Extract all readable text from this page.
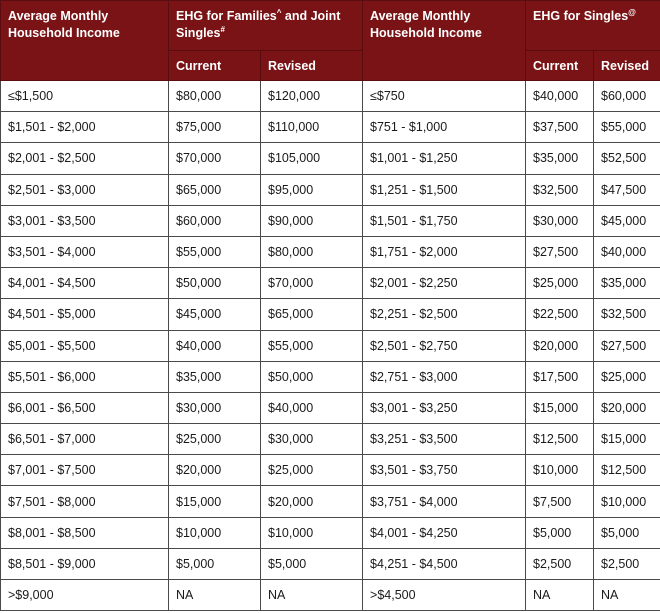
Average Monthly Household Income	EHG for Families^ and Joint Singles#		Average Monthly Household Income	EHG for Singles@
	Current	Revised		Current	Revised
≤$1,500	$80,000	$120,000	≤$750	$40,000	$60,000
$1,501 - $2,000	$75,000	$110,000	$751 - $1,000	$37,500	$55,000
$2,001 - $2,500	$70,000	$105,000	$1,001 - $1,250	$35,000	$52,500
$2,501 - $3,000	$65,000	$95,000	$1,251 - $1,500	$32,500	$47,500
$3,001 - $3,500	$60,000	$90,000	$1,501 - $1,750	$30,000	$45,000
$3,501 - $4,000	$55,000	$80,000	$1,751 - $2,000	$27,500	$40,000
$4,001 - $4,500	$50,000	$70,000	$2,001 - $2,250	$25,000	$35,000
$4,501 - $5,000	$45,000	$65,000	$2,251 - $2,500	$22,500	$32,500
$5,001 - $5,500	$40,000	$55,000	$2,501 - $2,750	$20,000	$27,500
$5,501 - $6,000	$35,000	$50,000	$2,751 - $3,000	$17,500	$25,000
$6,001 - $6,500	$30,000	$40,000	$3,001 - $3,250	$15,000	$20,000
$6,501 - $7,000	$25,000	$30,000	$3,251 - $3,500	$12,500	$15,000
$7,001 - $7,500	$20,000	$25,000	$3,501 - $3,750	$10,000	$12,500
$7,501 - $8,000	$15,000	$20,000	$3,751 - $4,000	$7,500	$10,000
$8,001 - $8,500	$10,000	$10,000	$4,001 - $4,250	$5,000	$5,000
$8,501 - $9,000	$5,000	$5,000	$4,251 - $4,500	$2,500	$2,500
>$9,000	NA	NA	>$4,500	NA	NA
